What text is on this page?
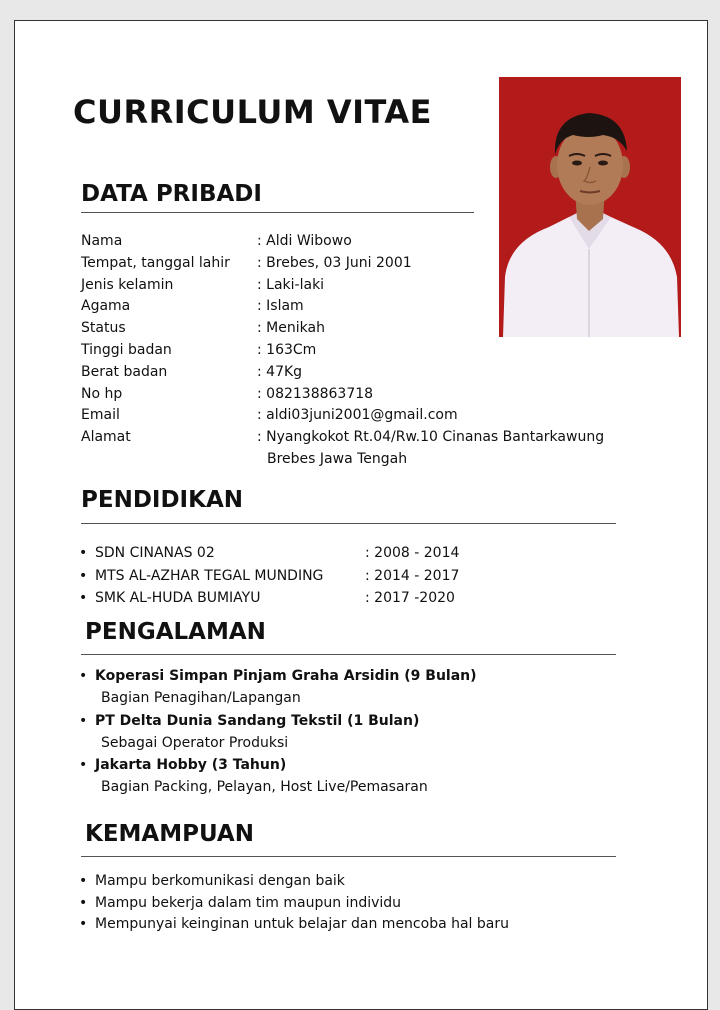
CURRICULUM VITAE
DATA PRIBADI
Nama	: Aldi Wibowo
Tempat, tanggal lahir	: Brebes, 03 Juni 2001
Jenis kelamin	: Laki-laki
Agama	: Islam
Status	: Menikah
Tinggi badan	: 163Cm
Berat badan	: 47Kg
No hp	: 082138863718
Email	: aldi03juni2001@gmail.com
Alamat	: Nyangkokot Rt.04/Rw.10 Cinanas Bantarkawung
Brebes Jawa Tengah
PENDIDIKAN
• SDN CINANAS 02	: 2008 - 2014
• MTS AL-AZHAR TEGAL MUNDING	: 2014 - 2017
• SMK AL-HUDA BUMIAYU	: 2017 -2020
PENGALAMAN
• Koperasi Simpan Pinjam Graha Arsidin (9 Bulan)
Bagian Penagihan/Lapangan
• PT Delta Dunia Sandang Tekstil (1 Bulan)
Sebagai Operator Produksi
• Jakarta Hobby (3 Tahun)
Bagian Packing, Pelayan, Host Live/Pemasaran
KEMAMPUAN
• Mampu berkomunikasi dengan baik
• Mampu bekerja dalam tim maupun individu
• Mempunyai keinginan untuk belajar dan mencoba hal baru
